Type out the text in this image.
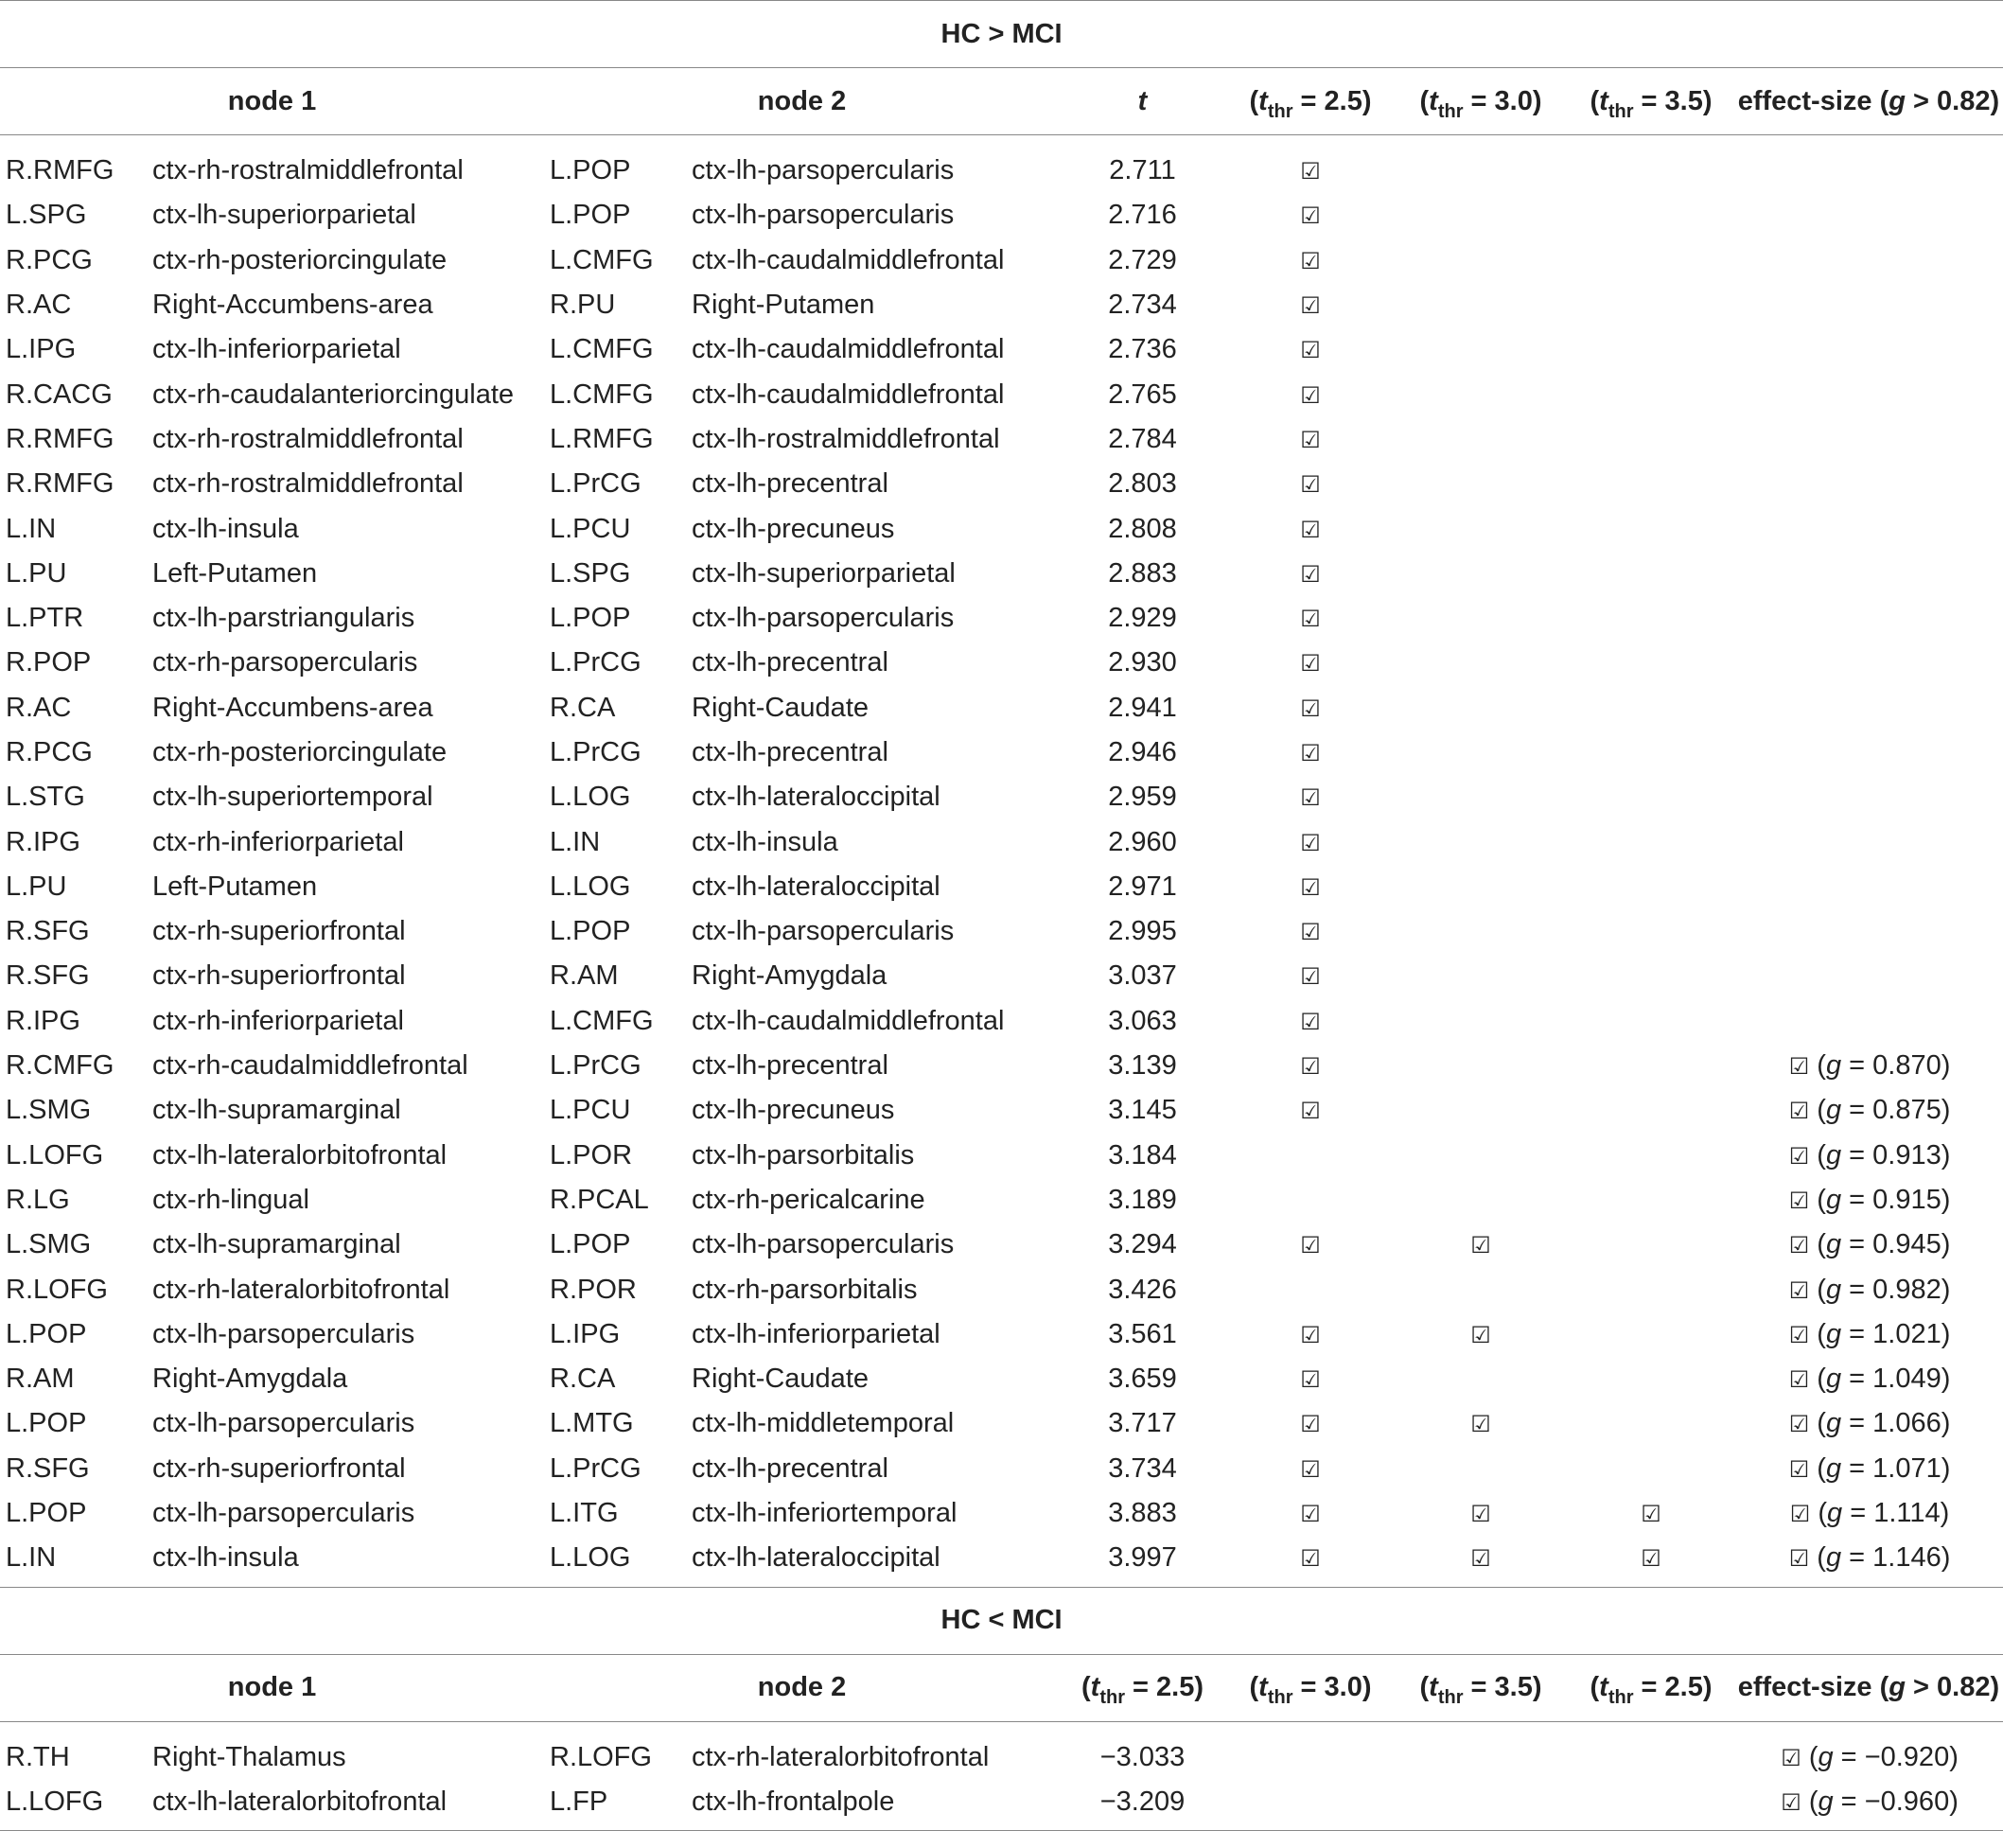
HC > MCI								
node 1		node 2		t	$(t_{thr} = 2.5)$	$(t_{thr} = 3.0)$	$(t_{thr} = 3.5)$	effect-size (g > 0.82)
R.RMFG	ctx-rh-rostralmiddlefrontal	L.POP	ctx-lh-parsopercularis	2.711	☑			
L.SPG	ctx-lh-superiorparietal	L.POP	ctx-lh-parsopercularis	2.716	☑			
R.PCG	ctx-rh-posteriorcingulate	L.CMFG	ctx-lh-caudalmiddlefrontal	2.729	☑			
R.AC	Right-Accumbens-area	R.PU	Right-Putamen	2.734	☑			
L.IPG	ctx-lh-inferiorparietal	L.CMFG	ctx-lh-caudalmiddlefrontal	2.736	☑			
R.CACG	ctx-rh-caudalanteriorcingulate	L.CMFG	ctx-lh-caudalmiddlefrontal	2.765	☑			
R.RMFG	ctx-rh-rostralmiddlefrontal	L.RMFG	ctx-lh-rostralmiddlefrontal	2.784	☑			
R.RMFG	ctx-rh-rostralmiddlefrontal	L.PrCG	ctx-lh-precentral	2.803	☑			
L.IN	ctx-lh-insula	L.PCU	ctx-lh-precuneus	2.808	☑			
L.PU	Left-Putamen	L.SPG	ctx-lh-superiorparietal	2.883	☑			
L.PTR	ctx-lh-parstriangularis	L.POP	ctx-lh-parsopercularis	2.929	☑			
R.POP	ctx-rh-parsopercularis	L.PrCG	ctx-lh-precentral	2.930	☑			
R.AC	Right-Accumbens-area	R.CA	Right-Caudate	2.941	☑			
R.PCG	ctx-rh-posteriorcingulate	L.PrCG	ctx-lh-precentral	2.946	☑			
L.STG	ctx-lh-superiortemporal	L.LOG	ctx-lh-lateraloccipital	2.959	☑			
R.IPG	ctx-rh-inferiorparietal	L.IN	ctx-lh-insula	2.960	☑			
L.PU	Left-Putamen	L.LOG	ctx-lh-lateraloccipital	2.971	☑			
R.SFG	ctx-rh-superiorfrontal	L.POP	ctx-lh-parsopercularis	2.995	☑			
R.SFG	ctx-rh-superiorfrontal	R.AM	Right-Amygdala	3.037	☑			
R.IPG	ctx-rh-inferiorparietal	L.CMFG	ctx-lh-caudalmiddlefrontal	3.063	☑			
R.CMFG	ctx-rh-caudalmiddlefrontal	L.PrCG	ctx-lh-precentral	3.139	☑			☑ (g = 0.870)
L.SMG	ctx-lh-supramarginal	L.PCU	ctx-lh-precuneus	3.145	☑			☑ (g = 0.875)
L.LOFG	ctx-lh-lateralorbitofrontal	L.POR	ctx-lh-parsorbitalis	3.184				☑ (g = 0.913)
R.LG	ctx-rh-lingual	R.PCAL	ctx-rh-pericalcarine	3.189				☑ (g = 0.915)
L.SMG	ctx-lh-supramarginal	L.POP	ctx-lh-parsopercularis	3.294	☑	☑		☑ (g = 0.945)
R.LOFG	ctx-rh-lateralorbitofrontal	R.POR	ctx-rh-parsorbitalis	3.426				☑ (g = 0.982)
L.POP	ctx-lh-parsopercularis	L.IPG	ctx-lh-inferiorparietal	3.561	☑	☑		☑ (g = 1.021)
R.AM	Right-Amygdala	R.CA	Right-Caudate	3.659	☑			☑ (g = 1.049)
L.POP	ctx-lh-parsopercularis	L.MTG	ctx-lh-middletemporal	3.717	☑	☑		☑ (g = 1.066)
R.SFG	ctx-rh-superiorfrontal	L.PrCG	ctx-lh-precentral	3.734	☑			☑ (g = 1.071)
L.POP	ctx-lh-parsopercularis	L.ITG	ctx-lh-inferiortemporal	3.883	☑	☑	☑	☑ (g = 1.114)
L.IN	ctx-lh-insula	L.LOG	ctx-lh-lateraloccipital	3.997	☑	☑	☑	☑ (g = 1.146)
HC < MCI								
node 1		node 2		$(t_{thr} = 2.5)$	$(t_{thr} = 3.0)$	$(t_{thr} = 3.5)$	$(t_{thr} = 2.5)$	effect-size (g > 0.82)
R.TH	Right-Thalamus	R.LOFG	ctx-rh-lateralorbitofrontal	−3.033				☑ (g = −0.920)
L.LOFG	ctx-lh-lateralorbitofrontal	L.FP	ctx-lh-frontalpole	−3.209				☑ (g = −0.960)
